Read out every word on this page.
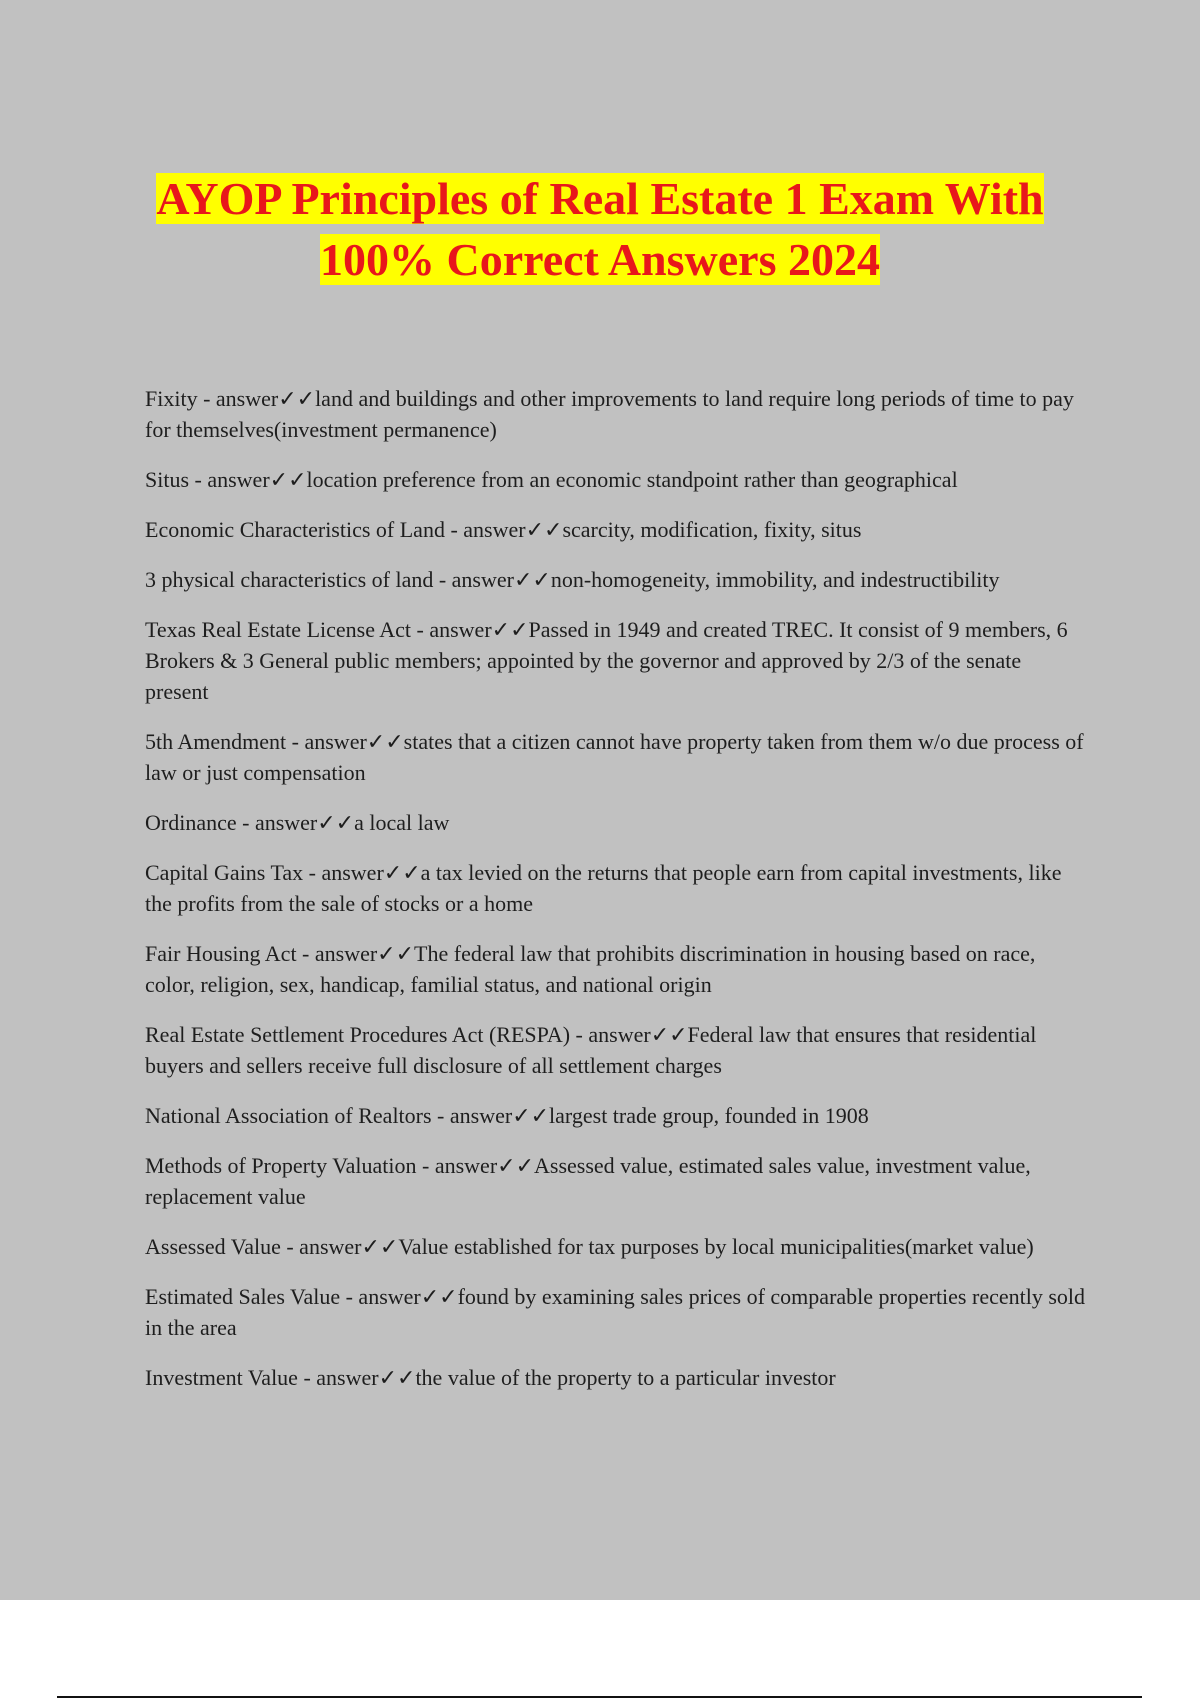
AYOP Principles of Real Estate 1 Exam With 100% Correct Answers 2024
Fixity - answer✓✓land and buildings and other improvements to land require long periods of time to pay for themselves(investment permanence)
Situs - answer✓✓location preference from an economic standpoint rather than geographical
Economic Characteristics of Land - answer✓✓scarcity, modification, fixity, situs
3 physical characteristics of land - answer✓✓non-homogeneity, immobility, and indestructibility
Texas Real Estate License Act - answer✓✓Passed in 1949 and created TREC. It consist of 9 members, 6 Brokers & 3 General public members; appointed by the governor and approved by 2/3 of the senate present
5th Amendment - answer✓✓states that a citizen cannot have property taken from them w/o due process of law or just compensation
Ordinance - answer✓✓a local law
Capital Gains Tax - answer✓✓a tax levied on the returns that people earn from capital investments, like the profits from the sale of stocks or a home
Fair Housing Act - answer✓✓The federal law that prohibits discrimination in housing based on race, color, religion, sex, handicap, familial status, and national origin
Real Estate Settlement Procedures Act (RESPA) - answer✓✓Federal law that ensures that residential buyers and sellers receive full disclosure of all settlement charges
National Association of Realtors - answer✓✓largest trade group, founded in 1908
Methods of Property Valuation - answer✓✓Assessed value, estimated sales value, investment value, replacement value
Assessed Value - answer✓✓Value established for tax purposes by local municipalities(market value)
Estimated Sales Value - answer✓✓found by examining sales prices of comparable properties recently sold in the area
Investment Value - answer✓✓the value of the property to a particular investor
